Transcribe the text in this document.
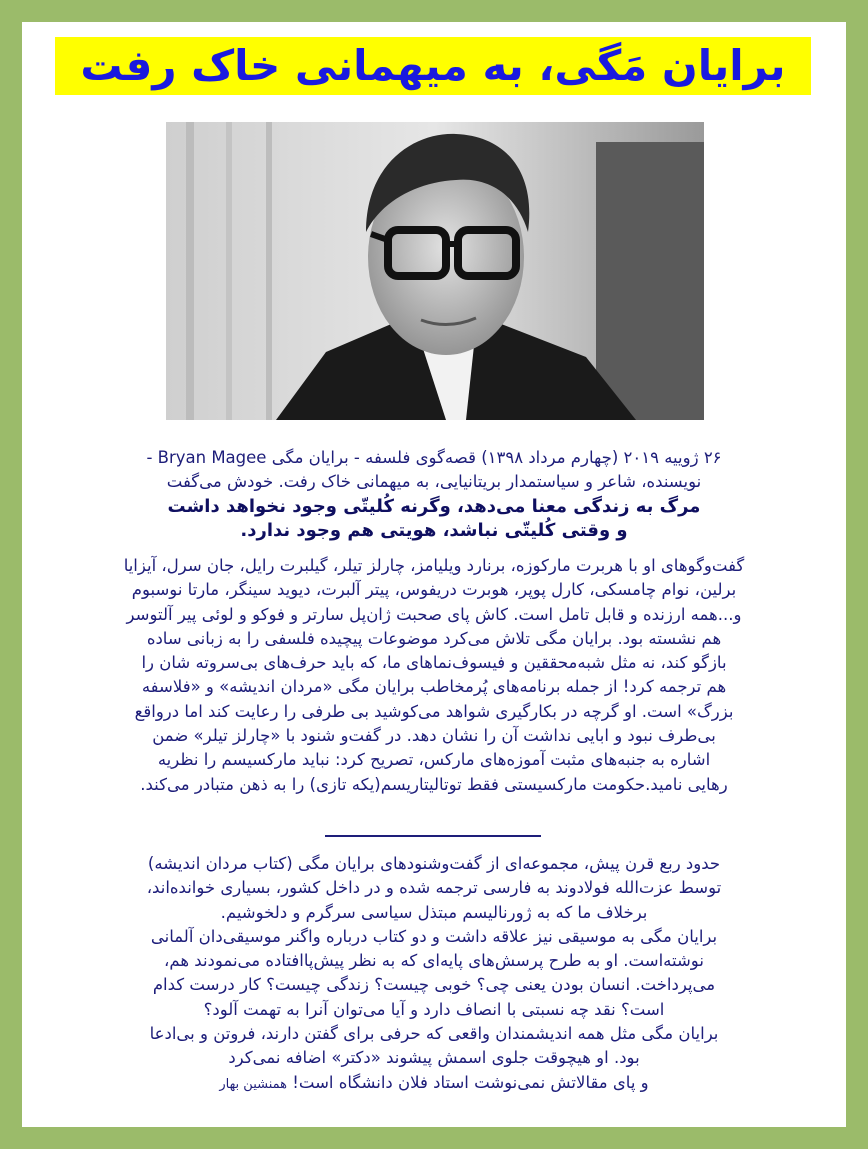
برایان مَگی، به میهمانی خاک رفت
۲۶ ژوییه ۲۰۱۹ (چهارم مرداد ۱۳۹۸) قصه‌گوی فلسفه - برایان مگی Bryan Magee -
نویسنده، شاعر و سیاستمدار بریتانیایی، به میهمانی خاک رفت. خودش می‌گفت
مرگ به زندگی معنا می‌دهد، وگرنه کُلیتّی وجود نخواهد داشت
و وقتی کُلیتّی نباشد، هویتی هم وجود ندارد.
گفت‌وگوهای او با هربرت مارکوزه، برنارد ویلیامز، چارلز تیلر، گیلبرت رایل، جان سرل، آیزایا
برلین، نوام چامسکی، کارل پوپر، هوبرت دریفوس، پیتر آلبرت، دیوید سینگر، مارتا نوسبوم
و...همه ارزنده و قابل تامل است. کاش پای صحبت ژان‌پل سارتر و فوکو و لوئی پیر آلتوسر
هم نشسته بود. برایان مگی تلاش می‌کرد موضوعات پیچیده فلسفی را به زبانی ساده
بازگو کند، نه مثل شبه‌محققین و فیسوف‌نماهای ما، که باید حرف‌های بی‌سروته شان را
هم ترجمه کرد! از جمله برنامه‌های پُرمخاطب برایان مگی «مردان اندیشه» و «فلاسفه
بزرگ» است. او گرچه در بکارگیری شواهد می‌کوشید بی طرفی را رعایت کند اما درواقع
بی‌طرف نبود و ابایی نداشت آن را نشان دهد. در گفت‌و شنود با «چارلز تیلر» ضمن
اشاره به جنبه‌های مثبت آموزه‌های مارکس، تصریح کرد: نباید مارکسیسم را نظریه
رهایی نامید.حکومت مارکسیستی فقط توتالیتاریسم(یکه تازی) را به ذهن متبادر می‌کند.
حدود ربع قرن پیش، مجموعه‌ای از گفت‌وشنودهای برایان مگی (کتاب مردان اندیشه)
توسط عزت‌الله فولادوند به فارسی ترجمه شده و در داخل کشور، بسیاری خوانده‌اند،
برخلاف ما که به ژورنالیسم مبتذل سیاسی سرگرم و دلخوشیم.
برایان مگی به موسیقی نیز علاقه داشت و دو کتاب درباره واگنر موسیقی‌دان آلمانی
نوشته‌است. او به طرح پرسش‌های پایه‌ای که به نظر پیش‌پاافتاده می‌نمودند هم،
می‌پرداخت. انسان بودن یعنی چی؟ خوبی چیست؟ زندگی چیست؟ کار درست کدام
است؟ نقد چه نسبتی با انصاف دارد و آیا می‌توان آنرا به تهمت آلود؟
برایان مگی مثل همه اندیشمندان واقعی که حرفی برای گفتن دارند، فروتن و بی‌ادعا
بود. او هیچوقت جلوی اسمش پیشوند «دکتر» اضافه نمی‌کرد
و پای مقالاتش نمی‌نوشت استاد فلان دانشگاه است! همنشین بهار
